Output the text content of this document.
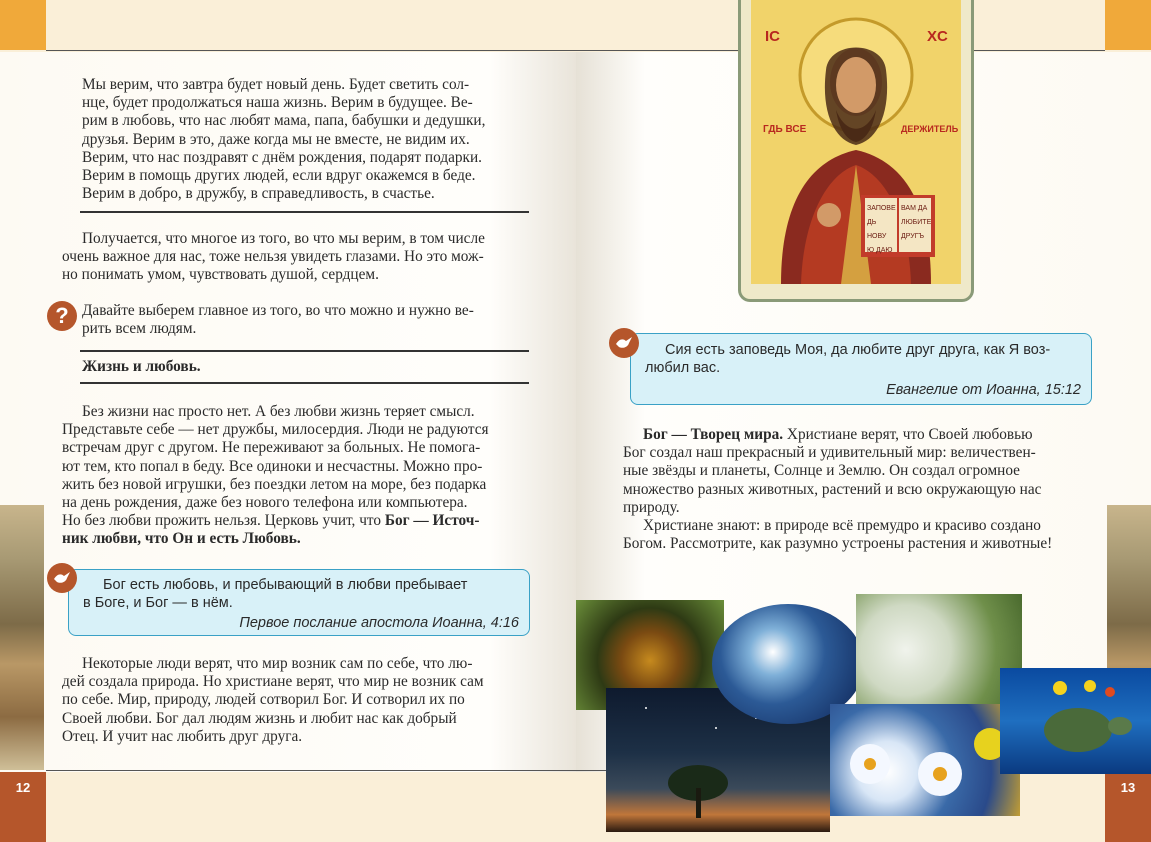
12

Мы верим, что завтра будет новый день. Будет светить сол-

нце, будет продолжаться наша жизнь. Верим в будущее. Ве-

рим в любовь, что нас любят мама, папа, бабушки и дедушки,

друзья. Верим в это, даже когда мы не вместе, не видим их.

Верим, что нас поздравят с днём рождения, подарят подарки.

Верим в помощь других людей, если вдруг окажемся в беде.

Верим в добро, в дружбу, в справедливость, в счастье.

Получается, что многое из того, во что мы верим, в том числе

очень важное для нас, тоже нельзя увидеть глазами. Но это мож-

но понимать умом, чувствовать душой, сердцем.

? Давайте выберем главное из того, во что можно и нужно ве-

рить всем людям.

Жизнь и любовь.

Без жизни нас просто нет. А без любви жизнь теряет смысл.

Представьте себе — нет дружбы, милосердия. Люди не радуются

встречам друг с другом. Не переживают за больных. Не помога-

ют тем, кто попал в беду. Все одиноки и несчастны. Можно про-

жить без новой игрушки, без поездки летом на море, без подарка

на день рождения, даже без нового телефона или компьютера.

Но без любви прожить нельзя. Церковь учит, что Бог — Источ-

ник любви, что Он и есть Любовь.

Бог есть любовь, и пребывающий в любви пребывает

в Боге, и Бог — в нём.

Первое послание апостола Иоанна, 4:16

Некоторые люди верят, что мир возник сам по себе, что лю-

дей создала природа. Но христиане верят, что мир не возник сам

по себе. Мир, природу, людей сотворил Бог. И сотворил их по

Своей любви. Бог дал людям жизнь и любит нас как добрый

Отец. И учит нас любить друг друга.

13
IC	XC
ГДЬ ВСЕ	ДЕРЖИТЕЛЬ
ЗАПОВЕ
ДЬ НОВУ
Ю ДАЮ
ВАМ ДА
ЛЮБИТЕ
ДРУГЪ

Сия есть заповедь Моя, да любите друг друга, как Я воз-

любил вас.

Евангелие от Иоанна, 15:12

Бог — Творец мира. Христиане верят, что Своей любовью

Бог создал наш прекрасный и удивительный мир: величествен-

ные звёзды и планеты, Солнце и Землю. Он создал огромное

множество разных животных, растений и всю окружающую нас

природу.

Христиане знают: в природе всё премудро и красиво создано

Богом. Рассмотрите, как разумно устроены растения и животные!
